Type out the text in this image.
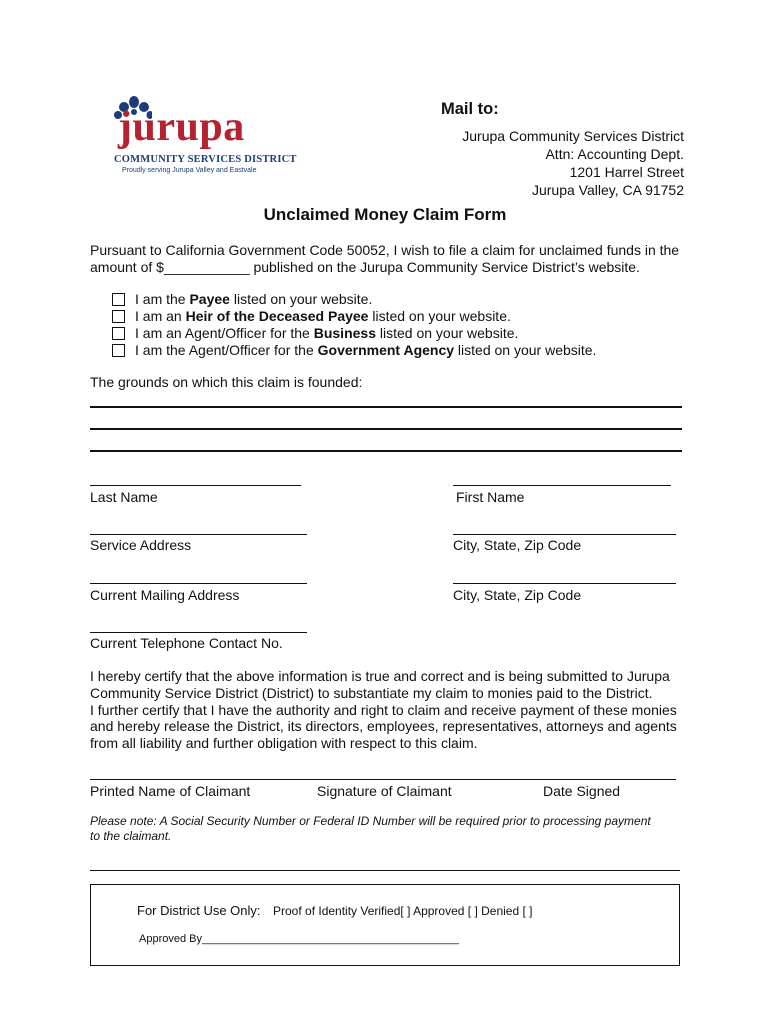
jurupa
COMMUNITY SERVICES DISTRICT
Proudly serving Jurupa Valley and Eastvale
Mail to:
Jurupa Community Services District
Attn: Accounting Dept.
1201 Harrel Street
Jurupa Valley, CA 91752
Unclaimed Money Claim Form
Pursuant to California Government Code 50052, I wish to file a claim for unclaimed funds in the
amount of $___________ published on the Jurupa Community Service District’s website.
I am the Payee listed on your website.
I am an Heir of the Deceased Payee listed on your website.
I am an Agent/Officer for the Business listed on your website.
I am the Agent/Officer for the Government Agency listed on your website.
The grounds on which this claim is founded:
Last Name	First Name
Service Address	City, State, Zip Code
Current Mailing Address	City, State, Zip Code
Current Telephone Contact No.
I hereby certify that the above information is true and correct and is being submitted to Jurupa
Community Service District (District) to substantiate my claim to monies paid to the District.
I further certify that I have the authority and right to claim and receive payment of these monies
and hereby release the District, its directors, employees, representatives, attorneys and agents
from all liability and further obligation with respect to this claim.
Printed Name of Claimant	Signature of Claimant	Date Signed
Please note: A Social Security Number or Federal ID Number will be required prior to processing payment
to the claimant.
For District Use Only: Proof of Identity Verified[ ] Approved [ ] Denied [ ]
Approved By__________________________________________
